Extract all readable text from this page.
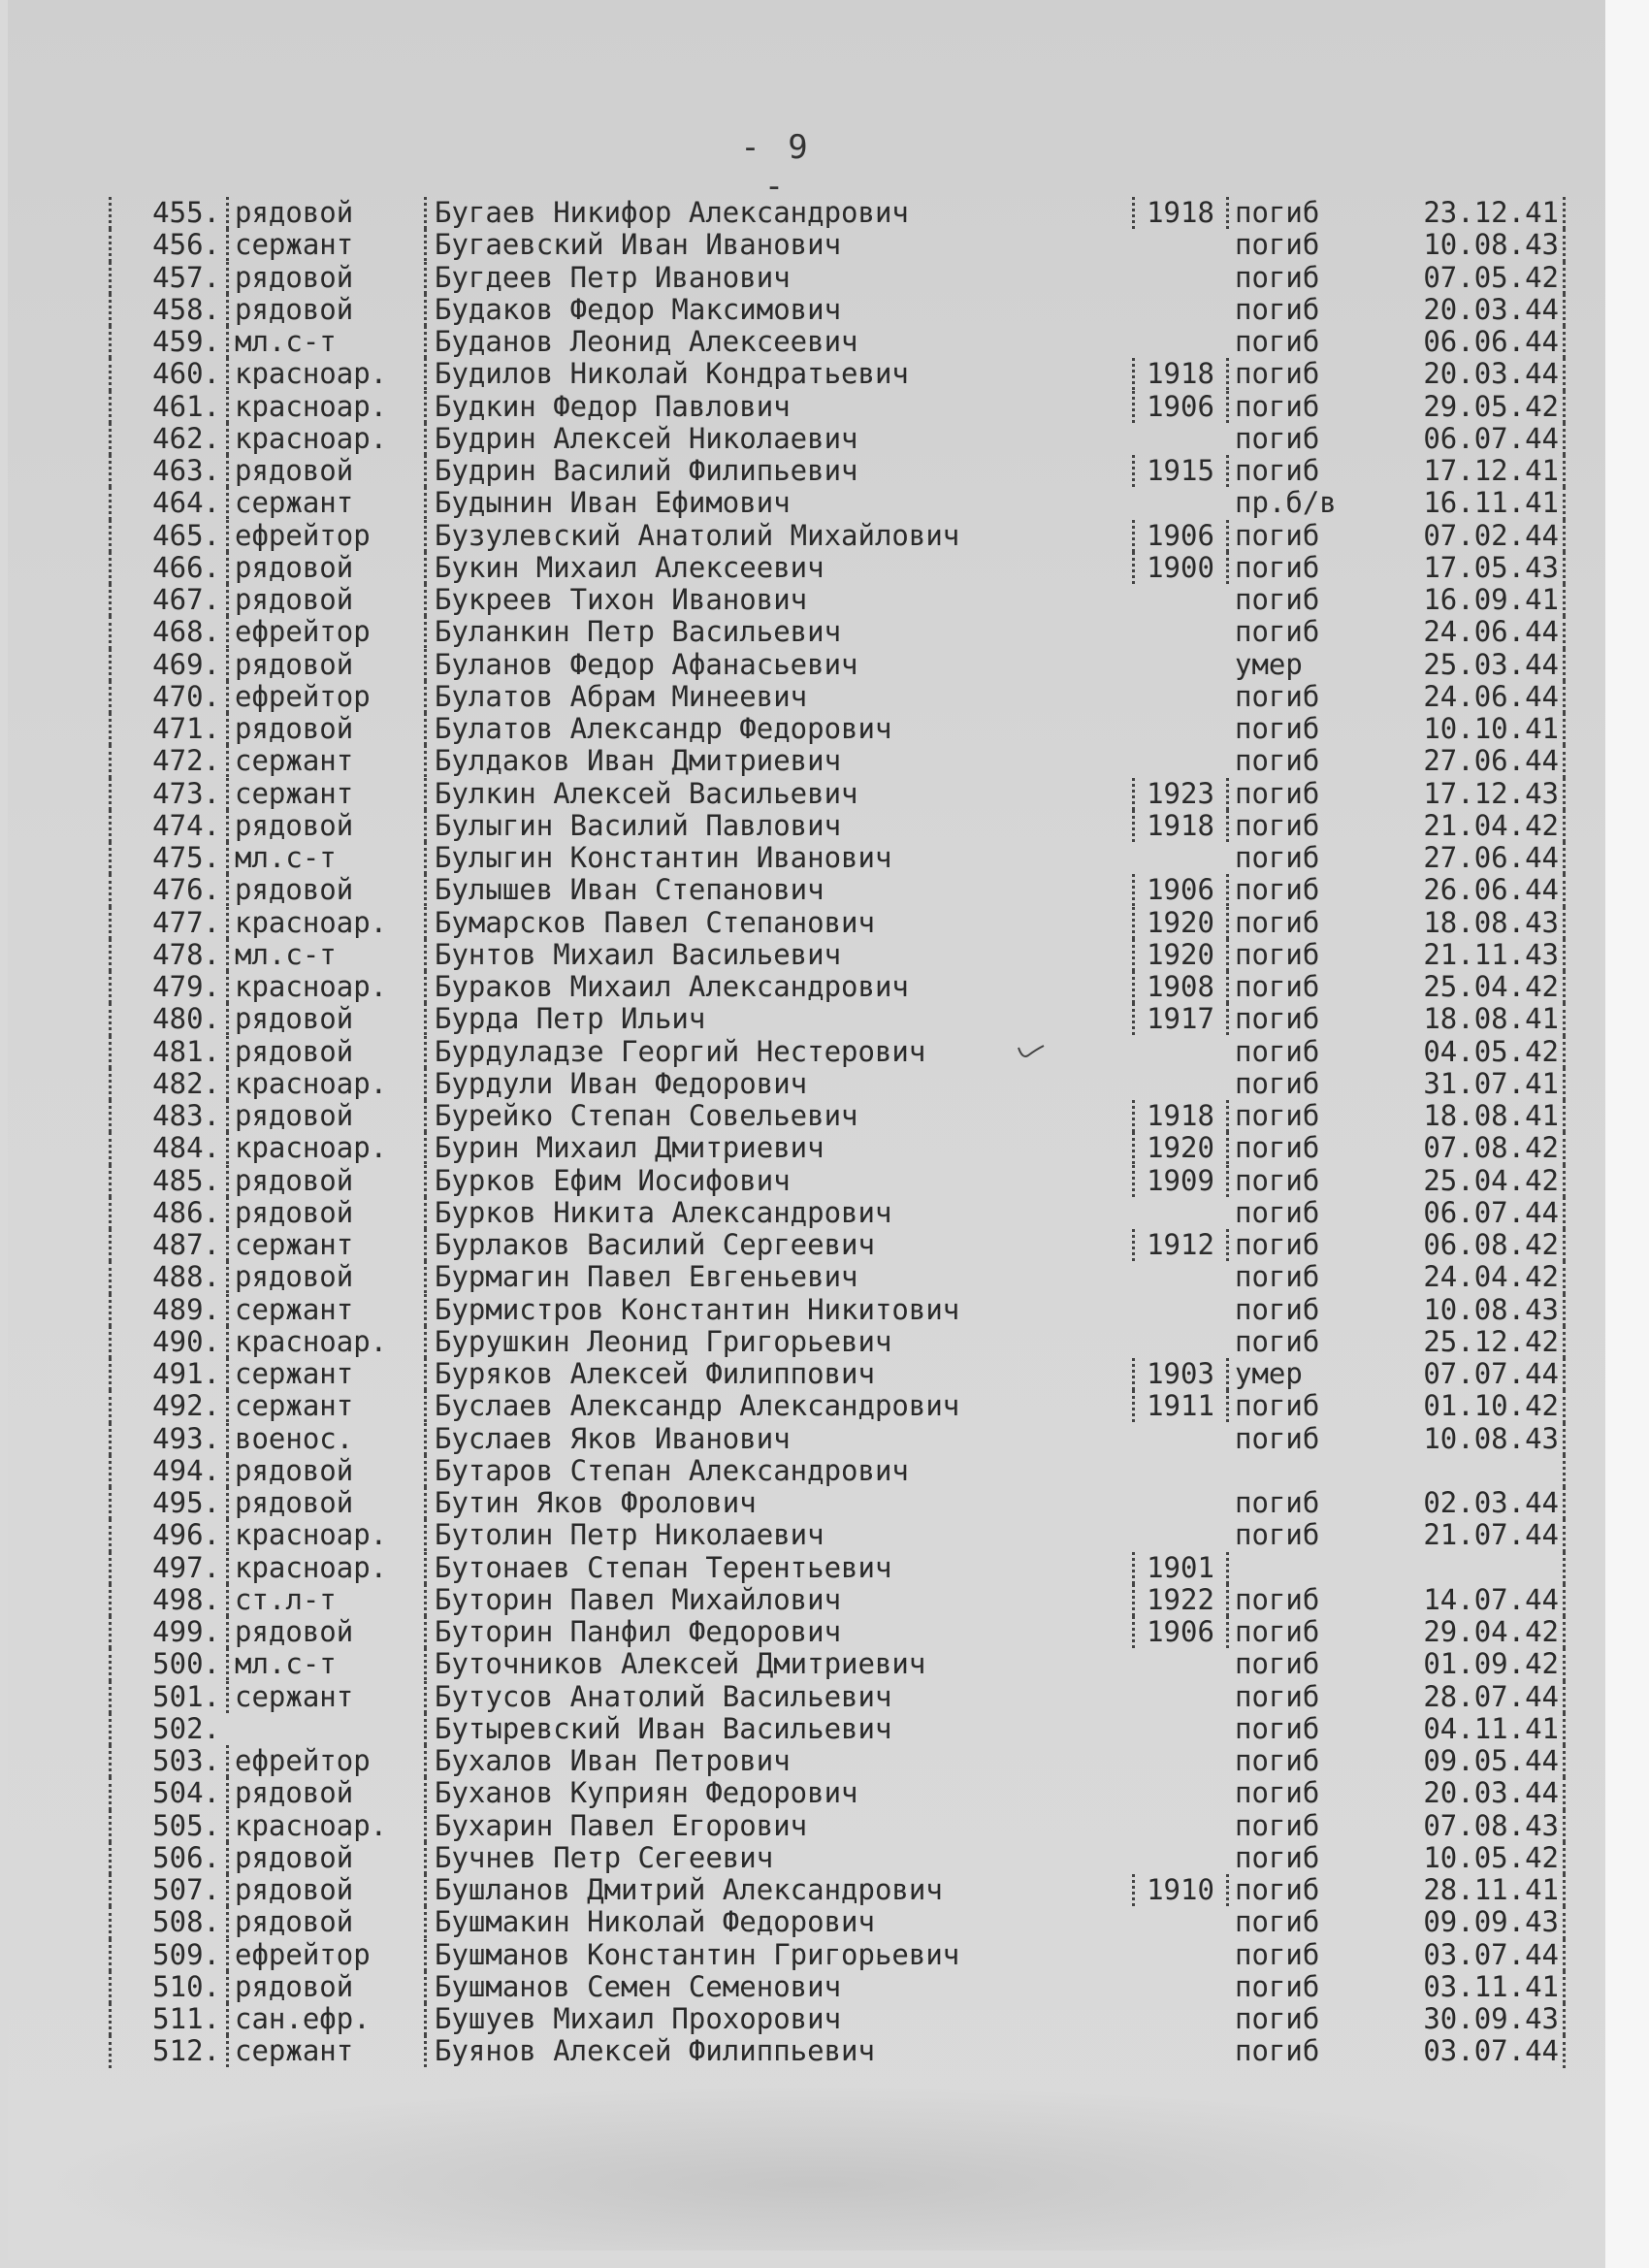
- 9 -
455. рядовой	Бугаев Никифор Александрович	1918 погиб	23.12.41
456. сержант	Бугаевский Иван Иванович	погиб	10.08.43
457. рядовой	Бугдеев Петр Иванович	погиб	07.05.42
458. рядовой	Будаков Федор Максимович	погиб	20.03.44
459. мл.с-т	Буданов Леонид Алексеевич	погиб	06.06.44
460. красноар.	Будилов Николай Кондратьевич	1918 погиб	20.03.44
461. красноар.	Будкин Федор Павлович	1906 погиб	29.05.42
462. красноар.	Будрин Алексей Николаевич	погиб	06.07.44
463. рядовой	Будрин Василий Филипьевич	1915 погиб	17.12.41
464. сержант	Будынин Иван Ефимович	пр.б/в	16.11.41
465. ефрейтор	Бузулевский Анатолий Михайлович	1906 погиб	07.02.44
466. рядовой	Букин Михаил Алексеевич	1900 погиб	17.05.43
467. рядовой	Букреев Тихон Иванович	погиб	16.09.41
468. ефрейтор	Буланкин Петр Васильевич	погиб	24.06.44
469. рядовой	Буланов Федор Афанасьевич	умер	25.03.44
470. ефрейтор	Булатов Абрам Минеевич	погиб	24.06.44
471. рядовой	Булатов Александр Федорович	погиб	10.10.41
472. сержант	Булдаков Иван Дмитриевич	погиб	27.06.44
473. сержант	Булкин Алексей Васильевич	1923 погиб	17.12.43
474. рядовой	Булыгин Василий Павлович	1918 погиб	21.04.42
475. мл.с-т	Булыгин Константин Иванович	погиб	27.06.44
476. рядовой	Булышев Иван Степанович	1906 погиб	26.06.44
477. красноар.	Бумарсков Павел Степанович	1920 погиб	18.08.43
478. мл.с-т	Бунтов Михаил Васильевич	1920 погиб	21.11.43
479. красноар.	Бураков Михаил Александрович	1908 погиб	25.04.42
480. рядовой	Бурда Петр Ильич	1917 погиб	18.08.41
481. рядовой	Бурдуладзе Георгий Нестерович	погиб	04.05.42
482. красноар.	Бурдули Иван Федорович	погиб	31.07.41
483. рядовой	Бурейко Степан Совельевич	1918 погиб	18.08.41
484. красноар.	Бурин Михаил Дмитриевич	1920 погиб	07.08.42
485. рядовой	Бурков Ефим Иосифович	1909 погиб	25.04.42
486. рядовой	Бурков Никита Александрович	погиб	06.07.44
487. сержант	Бурлаков Василий Сергеевич	1912 погиб	06.08.42
488. рядовой	Бурмагин Павел Евгеньевич	погиб	24.04.42
489. сержант	Бурмистров Константин Никитович	погиб	10.08.43
490. красноар.	Бурушкин Леонид Григорьевич	погиб	25.12.42
491. сержант	Буряков Алексей Филиппович	1903 умер	07.07.44
492. сержант	Буслаев Александр Александрович	1911 погиб	01.10.42
493. военос.	Буслаев Яков Иванович	погиб	10.08.43
494. рядовой	Бутаров Степан Александрович
495. рядовой	Бутин Яков Фролович	погиб	02.03.44
496. красноар.	Бутолин Петр Николаевич	погиб	21.07.44
497. красноар.	Бутонаев Степан Терентьевич	1901
498. ст.л-т	Буторин Павел Михайлович	1922 погиб	14.07.44
499. рядовой	Буторин Панфил Федорович	1906 погиб	29.04.42
500. мл.с-т	Буточников Алексей Дмитриевич	погиб	01.09.42
501. сержант	Бутусов Анатолий Васильевич	погиб	28.07.44
502.	Бутыревский Иван Васильевич	погиб	04.11.41
503. ефрейтор	Бухалов Иван Петрович	погиб	09.05.44
504. рядовой	Буханов Куприян Федорович	погиб	20.03.44
505. красноар.	Бухарин Павел Егорович	погиб	07.08.43
506. рядовой	Бучнев Петр Сегеевич	погиб	10.05.42
507. рядовой	Бушланов Дмитрий Александрович	1910 погиб	28.11.41
508. рядовой	Бушмакин Николай Федорович	погиб	09.09.43
509. ефрейтор	Бушманов Константин Григорьевич	погиб	03.07.44
510. рядовой	Бушманов Семен Семенович	погиб	03.11.41
511. сан.ефр.	Бушуев Михаил Прохорович	погиб	30.09.43
512. сержант	Буянов Алексей Филиппьевич	погиб	03.07.44
